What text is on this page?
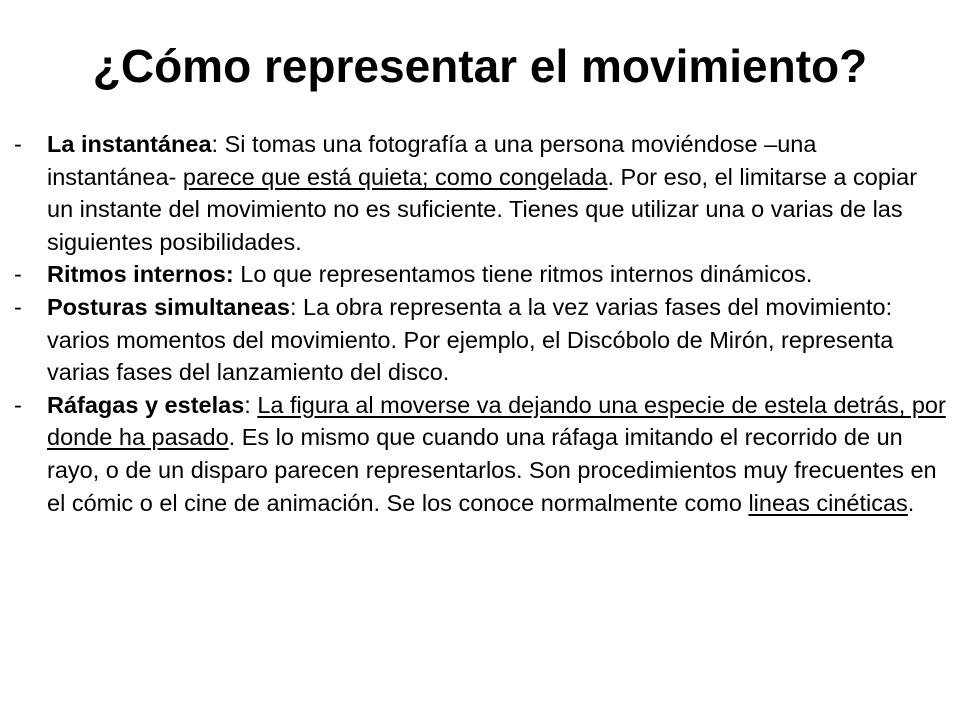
¿Cómo representar el movimiento?
-	La instantánea: Si tomas una fotografía a una persona moviéndose –una instantánea- parece que está quieta; como congelada. Por eso, el limitarse a copiar un instante del movimiento no es suficiente. Tienes que utilizar una o varias de las siguientes posibilidades.
-	Ritmos internos: Lo que representamos tiene ritmos internos dinámicos.
-	Posturas simultaneas: La obra representa a la vez varias fases del movimiento: varios momentos del movimiento. Por ejemplo, el Discóbolo de Mirón, representa varias fases del lanzamiento del disco.
-	Ráfagas y estelas: La figura al moverse va dejando una especie de estela detrás, por donde ha pasado. Es lo mismo que cuando una ráfaga imitando el recorrido de un rayo, o de un disparo parecen representarlos. Son procedimientos muy frecuentes en el cómic o el cine de animación. Se los conoce normalmente como lineas cinéticas.
